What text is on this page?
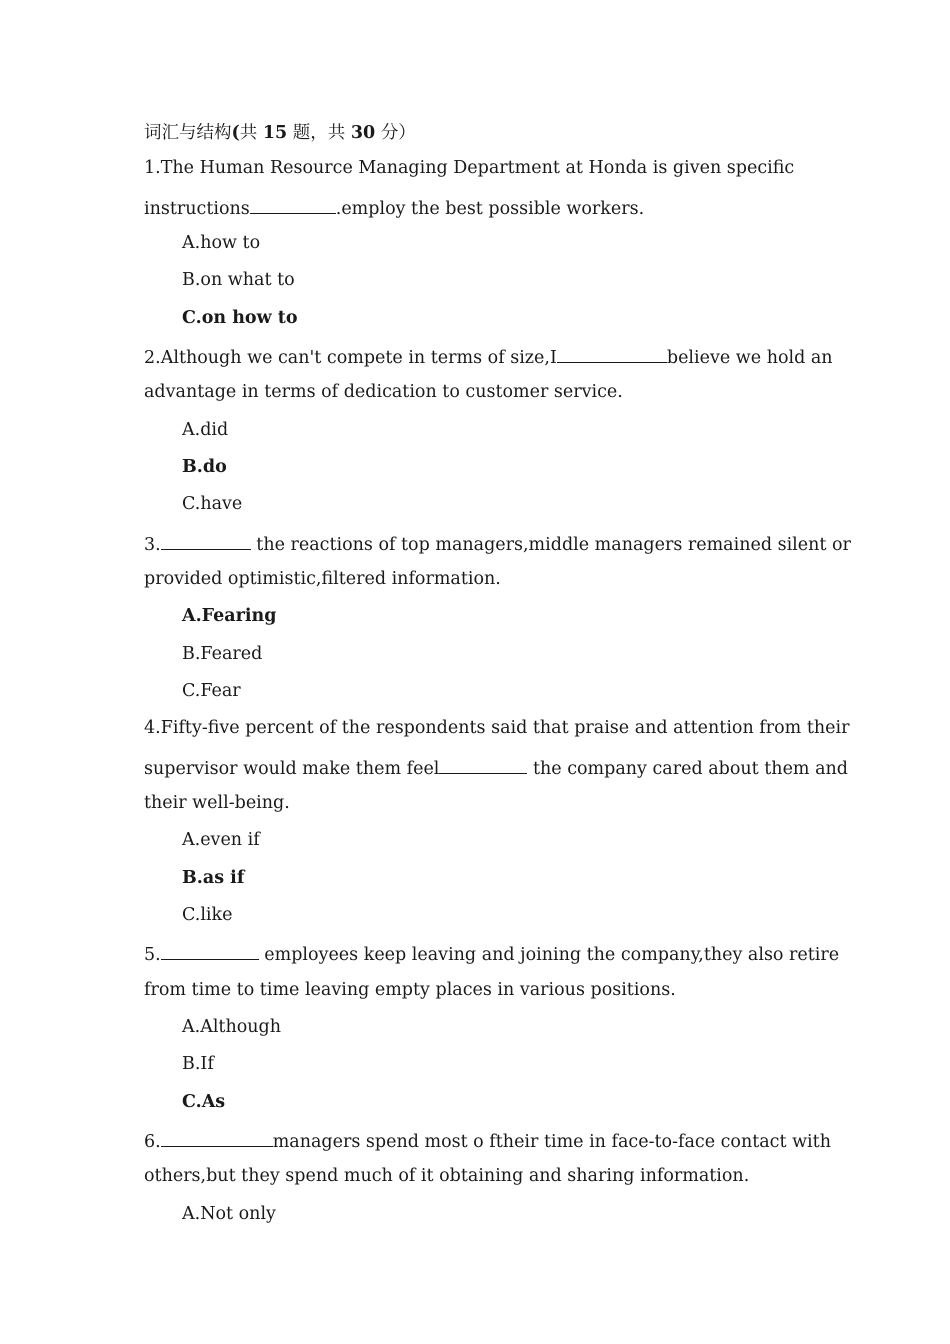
词汇与结构(共 15 题，共 30 分）
1.The Human Resource Managing Department at Honda is given specific
instructions	.employ the best possible workers.
A.how to
B.on what to
C.on how to
2.Although we can't compete in terms of size,I	believe we hold an
advantage in terms of dedication to customer service.
A.did
B.do
C.have
3.	the reactions of top managers,middle managers remained silent or
provided optimistic,filtered information.
A.Fearing
B.Feared
C.Fear
4.Fifty-five percent of the respondents said that praise and attention from their
supervisor would make them feel	the company cared about them and
their well-being.
A.even if
B.as if
C.like
5.	employees keep leaving and joining the company,they also retire
from time to time leaving empty places in various positions.
A.Although
B.If
C.As
6.	managers spend most o ftheir time in face-to-face contact with
others,but they spend much of it obtaining and sharing information.
A.Not only
